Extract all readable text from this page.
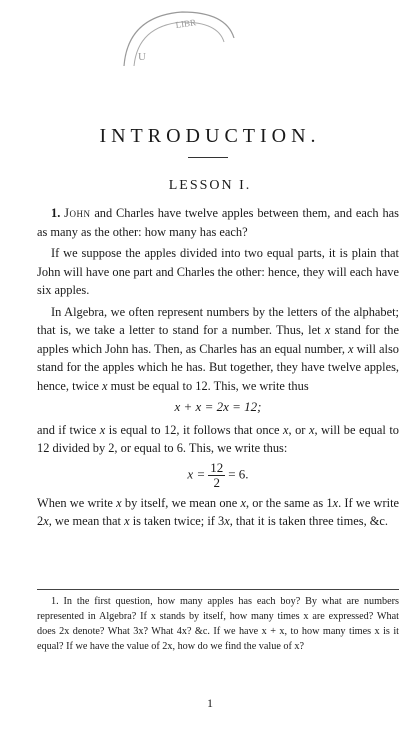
LIBR
U
INTRODUCTION.
LESSON I.

1. John and Charles have twelve apples between them, and each has as many as the other: how many has each?

If we suppose the apples divided into two equal parts, it is plain that John will have one part and Charles the other: hence, they will each have six apples.

In Algebra, we often represent numbers by the letters of the alphabet; that is, we take a letter to stand for a number. Thus, let x stand for the apples which John has. Then, as Charles has an equal number, x will also stand for the apples which he has. But together, they have twelve apples, hence, twice x must be equal to 12. This, we write thus

x + x = 2x = 12;

and if twice x is equal to 12, it follows that once x, or x, will be equal to 12 divided by 2, or equal to 6. This, we write thus:

$x = \frac{12}{2} = 6$.

When we write x by itself, we mean one x, or the same as 1x. If we write 2x, we mean that x is taken twice; if 3x, that it is taken three times, &c.

1. In the first question, how many apples has each boy? By what are numbers represented in Algebra? If x stands by itself, how many times x are expressed? What does 2x denote? What 3x? What 4x? &c. If we have x + x, to how many times x is it equal? If we have the value of 2x, how do we find the value of x?

1
